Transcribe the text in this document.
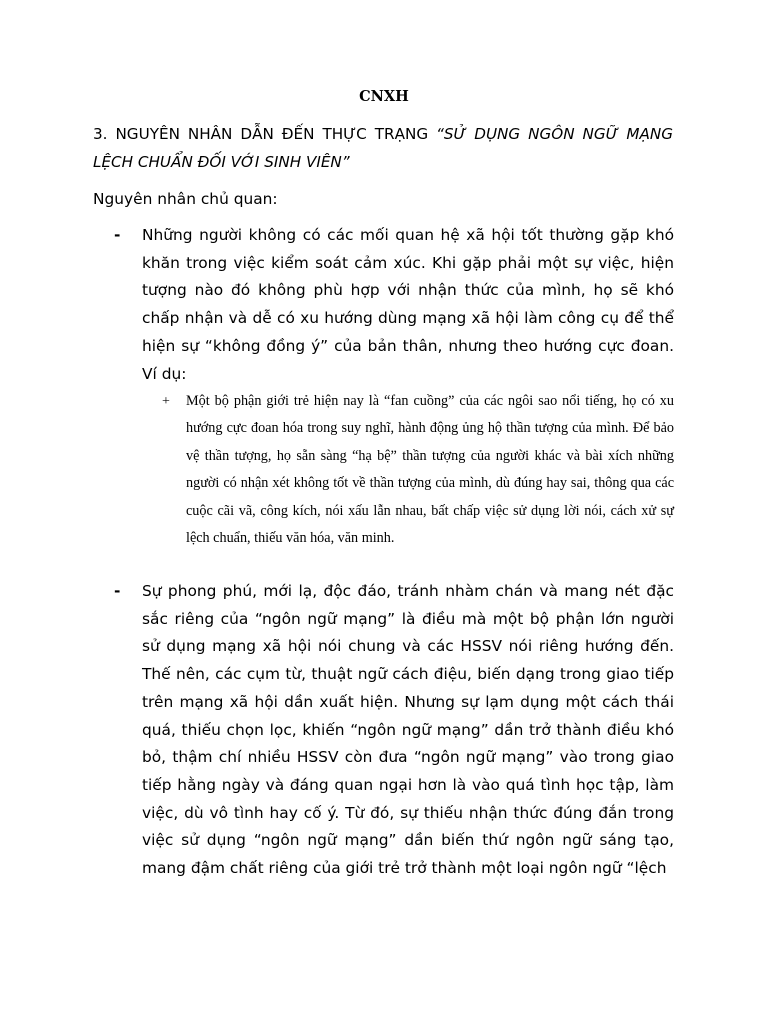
CNXH
3. NGUYÊN NHÂN DẪN ĐẾN THỰC TRẠNG “SỬ DỤNG NGÔN NGỮ MẠNG LỆCH CHUẨN ĐỐI VỚI SINH VIÊN”
Nguyên nhân chủ quan:
- Những người không có các mối quan hệ xã hội tốt thường gặp khó khăn trong việc kiểm soát cảm xúc. Khi gặp phải một sự việc, hiện tượng nào đó không phù hợp với nhận thức của mình, họ sẽ khó chấp nhận và dễ có xu hướng dùng mạng xã hội làm công cụ để thể hiện sự “không đồng ý” của bản thân, nhưng theo hướng cực đoan. Ví dụ:
+ Một bộ phận giới trẻ hiện nay là “fan cuồng” của các ngôi sao nổi tiếng, họ có xu hướng cực đoan hóa trong suy nghĩ, hành động ủng hộ thần tượng của mình. Để bảo vệ thần tượng, họ sẵn sàng “hạ bệ” thần tượng của người khác và bài xích những người có nhận xét không tốt về thần tượng của mình, dù đúng hay sai, thông qua các cuộc cãi vã, công kích, nói xấu lẫn nhau, bất chấp việc sử dụng lời nói, cách xử sự lệch chuẩn, thiếu văn hóa, văn minh.
- Sự phong phú, mới lạ, độc đáo, tránh nhàm chán và mang nét đặc sắc riêng của “ngôn ngữ mạng” là điều mà một bộ phận lớn người sử dụng mạng xã hội nói chung và các HSSV nói riêng hướng đến. Thế nên, các cụm từ, thuật ngữ cách điệu, biến dạng trong giao tiếp trên mạng xã hội dần xuất hiện. Nhưng sự lạm dụng một cách thái quá, thiếu chọn lọc, khiến “ngôn ngữ mạng” dần trở thành điều khó bỏ, thậm chí nhiều HSSV còn đưa “ngôn ngữ mạng” vào trong giao tiếp hằng ngày và đáng quan ngại hơn là vào quá tình học tập, làm việc, dù vô tình hay cố ý. Từ đó, sự thiếu nhận thức đúng đắn trong việc sử dụng “ngôn ngữ mạng” dần biến thứ ngôn ngữ sáng tạo, mang đậm chất riêng của giới trẻ trở thành một loại ngôn ngữ “lệch
